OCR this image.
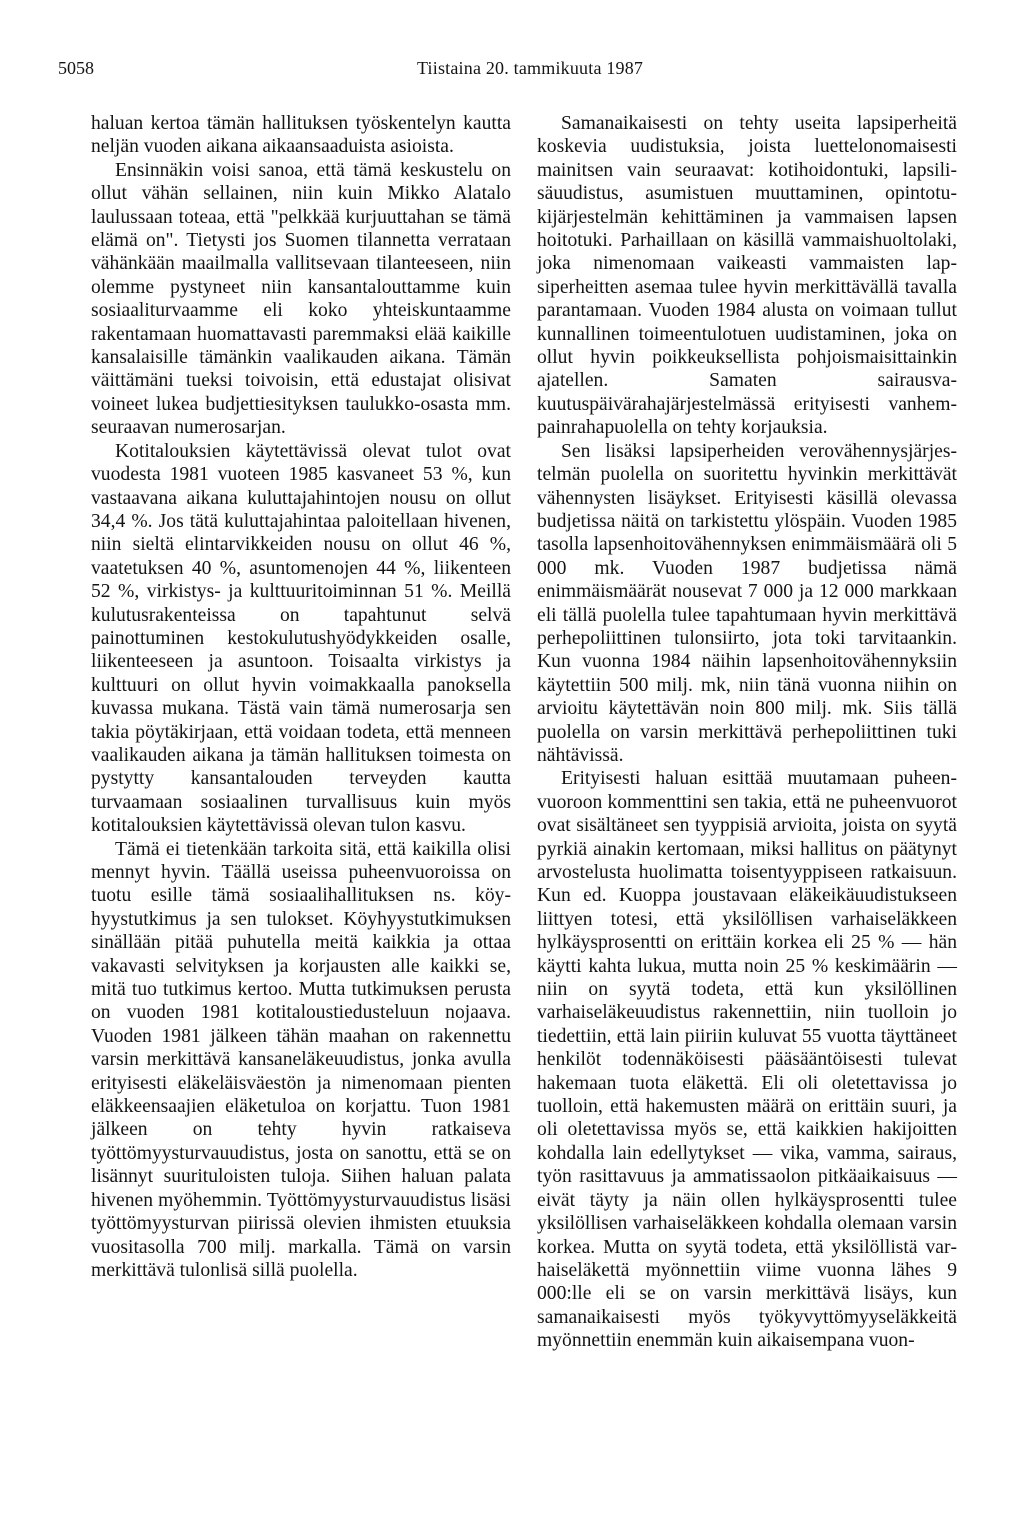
5058	Tiistaina 20. tammikuuta 1987

haluan kertoa tämän hallituksen työskentelyn kautta neljän vuoden aikana aikaansaaduista asioista.

Ensinnäkin voisi sanoa, että tämä keskustelu on ollut vähän sellainen, niin kuin Mikko Alatalo laulussaan toteaa, että "pelkkää kurjuuttahan se tämä elämä on". Tietysti jos Suomen tilannetta verrataan vähänkään maailmalla vallitsevaan tilanteeseen, niin olemme pystyneet niin kansantalouttamme kuin sosiaaliturvaamme eli koko yhteiskuntaamme rakentamaan huomattavasti paremmaksi elää kaikille kansalaisille tämänkin vaalikauden aikana. Tämän väittämäni tueksi toivoisin, että edustajat olisivat voineet lukea budjettiesityksen taulukko-osasta mm. seuraavan numerosarjan.

Kotitalouksien käytettävissä olevat tulot ovat vuodesta 1981 vuoteen 1985 kasvaneet 53 %, kun vastaavana aikana kuluttajahintojen nousu on ollut 34,4 %. Jos tätä kuluttajahintaa paloitellaan hivenen, niin sieltä elintarvikkeiden nousu on ollut 46 %, vaatetuksen 40 %, asuntomenojen 44 %, liikenteen 52 %, virkistys- ja kulttuuritoiminnan 51 %. Meillä kulutusrakenteissa on tapahtunut selvä painottuminen kestokulutushyödykkeiden osalle, liikenteeseen ja asuntoon. Toisaalta virkistys ja kulttuuri on ollut hyvin voimakkaalla panoksella kuvassa mukana. Tästä vain tämä numerosarja sen takia pöytäkirjaan, että voidaan todeta, että menneen vaalikauden aikana ja tämän hallituksen toimesta on pystytty kansantalouden terveyden kautta turvaamaan sosiaalinen turvallisuus kuin myös kotitalouksien käytettävissä olevan tulon kasvu.

Tämä ei tietenkään tarkoita sitä, että kaikilla olisi mennyt hyvin. Täällä useissa puheenvuoroissa on tuotu esille tämä sosiaalihallituksen ns. köyhyystutkimus ja sen tulokset. Köyhyystutkimuksen sinällään pitää puhutella meitä kaikkia ja ottaa vakavasti selvityksen ja korjausten alle kaikki se, mitä tuo tutkimus kertoo. Mutta tutkimuksen perusta on vuoden 1981 kotitaloustiedusteluun nojaava. Vuoden 1981 jälkeen tähän maahan on rakennettu varsin merkittävä kansaneläkeuudistus, jonka avulla erityisesti eläkeläisväestön ja nimenomaan pienten eläkkeensaajien eläketuloa on korjattu. Tuon 1981 jälkeen on tehty hyvin ratkaiseva työttömyysturvauudistus, josta on sanottu, että se on lisännyt suurituloisten tuloja. Siihen haluan palata hivenen myöhemmin. Työttömyysturvauudistus lisäsi työttömyysturvan piirissä olevien ihmisten etuuksia vuositasolla 700 milj. markalla. Tämä on varsin merkittävä tulonlisä sillä puolella.

Samanaikaisesti on tehty useita lapsiperheitä koskevia uudistuksia, joista luettelonomaisesti mainitsen vain seuraavat: kotihoidontuki, lapsilisäuudistus, asumistuen muuttaminen, opintotukijärjestelmän kehittäminen ja vammaisen lapsen hoitotuki. Parhaillaan on käsillä vammaishuoltolaki, joka nimenomaan vaikeasti vammaisten lapsiperheitten asemaa tulee hyvin merkittävällä tavalla parantamaan. Vuoden 1984 alusta on voimaan tullut kunnallinen toimeentulotuen uudistaminen, joka on ollut hyvin poikkeuksellista pohjoismaisittainkin ajatellen. Samaten sairausvakuutuspäivärahajärjestelmässä erityisesti vanhempainrahapuolella on tehty korjauksia.

Sen lisäksi lapsiperheiden verovähennysjärjestelmän puolella on suoritettu hyvinkin merkittävät vähennysten lisäykset. Erityisesti käsillä olevassa budjetissa näitä on tarkistettu ylöspäin. Vuoden 1985 tasolla lapsenhoitovähennyksen enimmäismäärä oli 5 000 mk. Vuoden 1987 budjetissa nämä enimmäismäärät nousevat 7 000 ja 12 000 markkaan eli tällä puolella tulee tapahtumaan hyvin merkittävä perhepoliittinen tulonsiirto, jota toki tarvitaankin. Kun vuonna 1984 näihin lapsenhoitovähennyksiin käytettiin 500 milj. mk, niin tänä vuonna niihin on arvioitu käytettävän noin 800 milj. mk. Siis tällä puolella on varsin merkittävä perhepoliittinen tuki nähtävissä.

Erityisesti haluan esittää muutamaan puheenvuoroon kommenttini sen takia, että ne puheenvuorot ovat sisältäneet sen tyyppisiä arvioita, joista on syytä pyrkiä ainakin kertomaan, miksi hallitus on päätynyt arvostelusta huolimatta toisentyyppiseen ratkaisuun. Kun ed. Kuoppa joustavaan eläkeikäuudistukseen liittyen totesi, että yksilöllisen varhaiseläkkeen hylkäysprosentti on erittäin korkea eli 25 % — hän käytti kahta lukua, mutta noin 25 % keskimäärin — niin on syytä todeta, että kun yksilöllinen varhaiseläkeuudistus rakennettiin, niin tuolloin jo tiedettiin, että lain piiriin kuluvat 55 vuotta täyttäneet henkilöt todennäköisesti pääsääntöisesti tulevat hakemaan tuota eläkettä. Eli oli oletettavissa jo tuolloin, että hakemusten määrä on erittäin suuri, ja oli oletettavissa myös se, että kaikkien hakijoitten kohdalla lain edellytykset — vika, vamma, sairaus, työn rasittavuus ja ammatissaolon pitkäaikaisuus — eivät täyty ja näin ollen hylkäysprosentti tulee yksilöllisen varhaiseläkkeen kohdalla olemaan varsin korkea. Mutta on syytä todeta, että yksilöllistä varhaiseläkettä myönnettiin viime vuonna lähes 9 000:lle eli se on varsin merkittävä lisäys, kun samanaikaisesti myös työkyvyttömyyseläkkeitä myönnettiin enemmän kuin aikaisempana vuon-
